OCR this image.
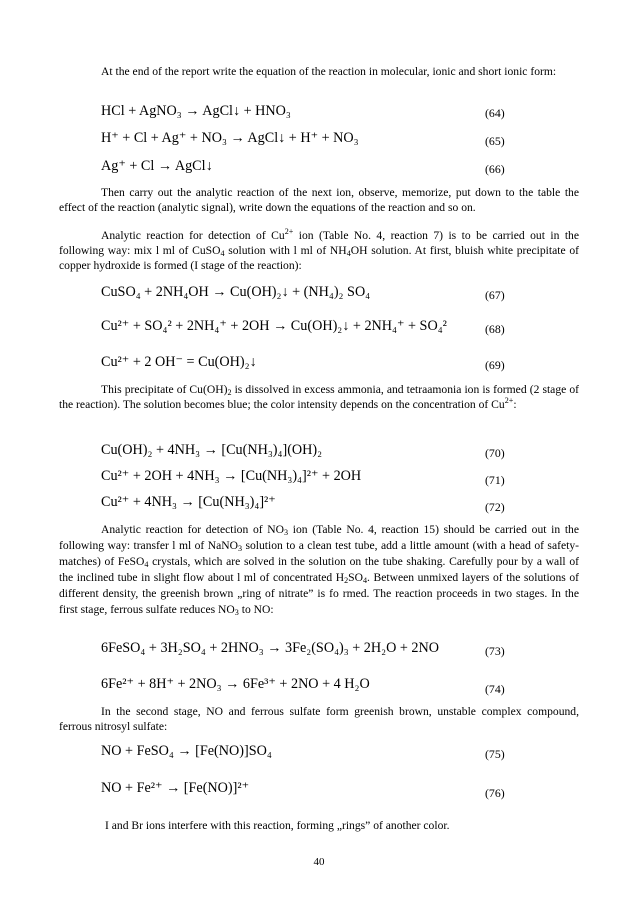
At the end of the report write the equation of the reaction in molecular, ionic and short ionic form:

HCl + AgNO₃ → AgCl↓ + HNO₃	(64)
H⁺ + Cl + Ag⁺ + NO₃ → AgCl↓ + H⁺ + NO₃	(65)
Ag⁺ + Cl → AgCl↓	(66)

Then carry out the analytic reaction of the next ion, observe, memorize, put down to the table the effect of the reaction (analytic signal), write down the equations of the reaction and so on.

Analytic reaction for detection of $Cu^{2+}$ ion (Table No. 4, reaction 7) is to be carried out in the following way: mix l ml of CuSO$_4$ solution with l ml of $NH_4OH$ solution. At first, bluish white precipitate of copper hydroxide is formed (I stage of the reaction):

CuSO₄ + 2NH₄OH → Cu(OH)₂↓ + (NH₄)₂ SO₄	(67)
Cu²⁺ + SO₄² + 2NH₄⁺ + 2OH → Cu(OH)₂↓ + 2NH₄⁺ + SO₄²	(68)
Cu²⁺ + 2 OH⁻ = Cu(OH)₂↓	(69)

This precipitate of $Cu(OH)_2$ is dissolved in excess ammonia, and tetraamonia ion is formed (2 stage of the reaction). The solution becomes blue; the color intensity depends on the concentration of $Cu^{2+}$:

Cu(OH)₂ + 4NH₃ → [Cu(NH₃)₄](OH)₂	(70)
Cu²⁺ + 2OH + 4NH₃ → [Cu(NH₃)₄]²⁺ + 2OH	(71)
Cu²⁺ + 4NH₃ → [Cu(NH₃)₄]²⁺	(72)

Analytic reaction for detection of $NO_3$ ion (Table No. 4, reaction 15) should be carried out in the following way: transfer l ml of NaNO$_3$ solution to a clean test tube, add a little amount (with a head of safety-matches) of FeSO$_4$ crystals, which are solved in the solution on the tube shaking. Carefully pour by a wall of the inclined tube in slight flow about l ml of concentrated $H_2SO_4$. Between unmixed layers of the solutions of different density, the greenish brown „ring of nitrate” is fo rmed. The reaction proceeds in two stages. In the first stage, ferrous sulfate reduces $NO_3$ to NO:

6FeSO₄ + 3H₂SO₄ + 2HNO₃ → 3Fe₂(SO₄)₃ + 2H₂O + 2NO	(73)
6Fe²⁺ + 8H⁺ + 2NO₃ → 6Fe³⁺ + 2NO + 4 H₂O	(74)

In the second stage, NO and ferrous sulfate form greenish brown, unstable complex compound, ferrous nitrosyl sulfate:

NO + FeSO₄ → [Fe(NO)]SO₄	(75)
NO + Fe²⁺ → [Fe(NO)]²⁺	(76)

I and Br ions interfere with this reaction, forming „rings” of another color.

40
